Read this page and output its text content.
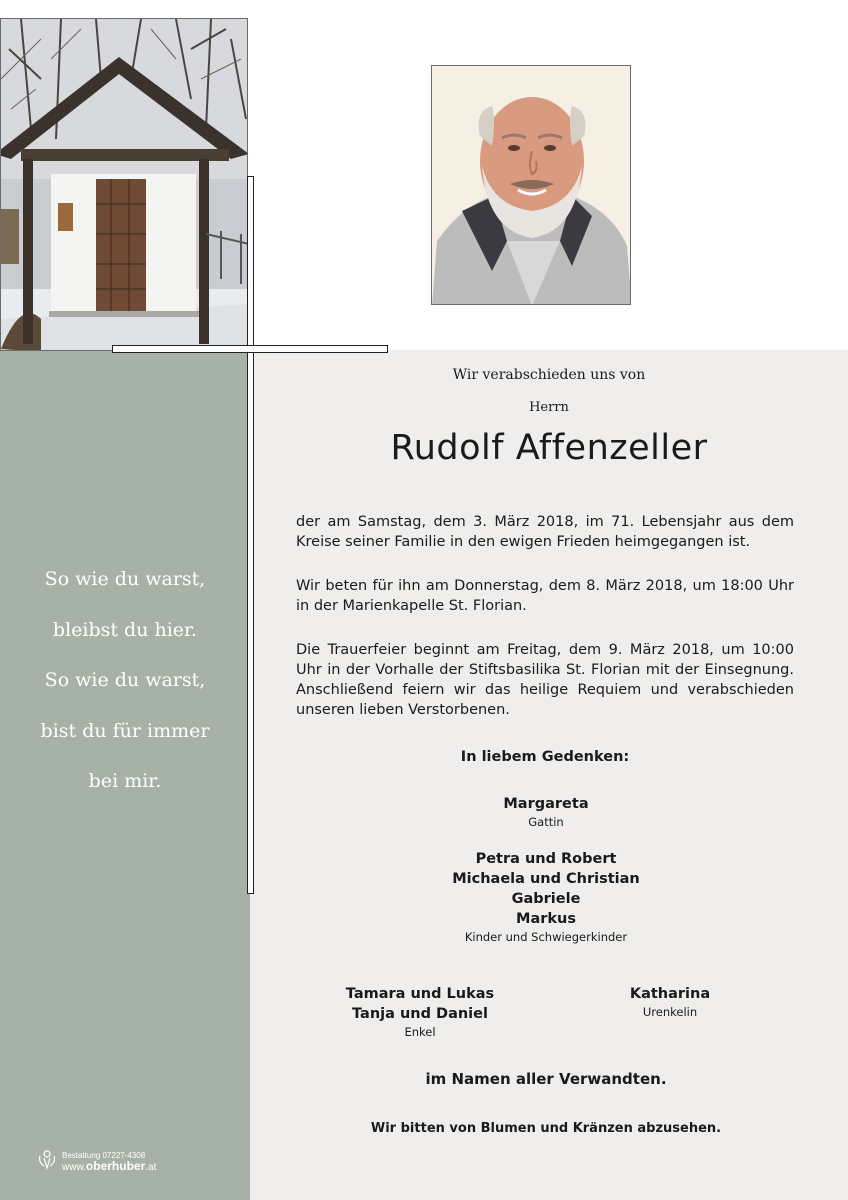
So wie du warst,
bleibst du hier.
So wie du warst,
bist du für immer
bei mir.
Bestattung 07227-4308
www.oberhuber.at
Wir verabschieden uns von
Herrn
Rudolf Affenzeller
der am Samstag, dem 3. März 2018, im 71. Lebensjahr aus dem Kreise seiner Familie in den ewigen Frieden heimgegangen ist.
Wir beten für ihn am Donnerstag, dem 8. März 2018, um 18:00 Uhr in der Marienkapelle St. Florian.
Die Trauerfeier beginnt am Freitag, dem 9. März 2018, um 10:00 Uhr in der Vorhalle der Stiftsbasilika St. Florian mit der Einsegnung. Anschließend feiern wir das heilige Requiem und verabschieden unseren lieben Verstorbenen.
In liebem Gedenken:
Margareta
Gattin
Petra und Robert
Michaela und Christian
Gabriele
Markus
Kinder und Schwiegerkinder
Tamara und Lukas
Tanja und Daniel
Enkel
Katharina
Urenkelin
im Namen aller Verwandten.
Wir bitten von Blumen und Kränzen abzusehen.
